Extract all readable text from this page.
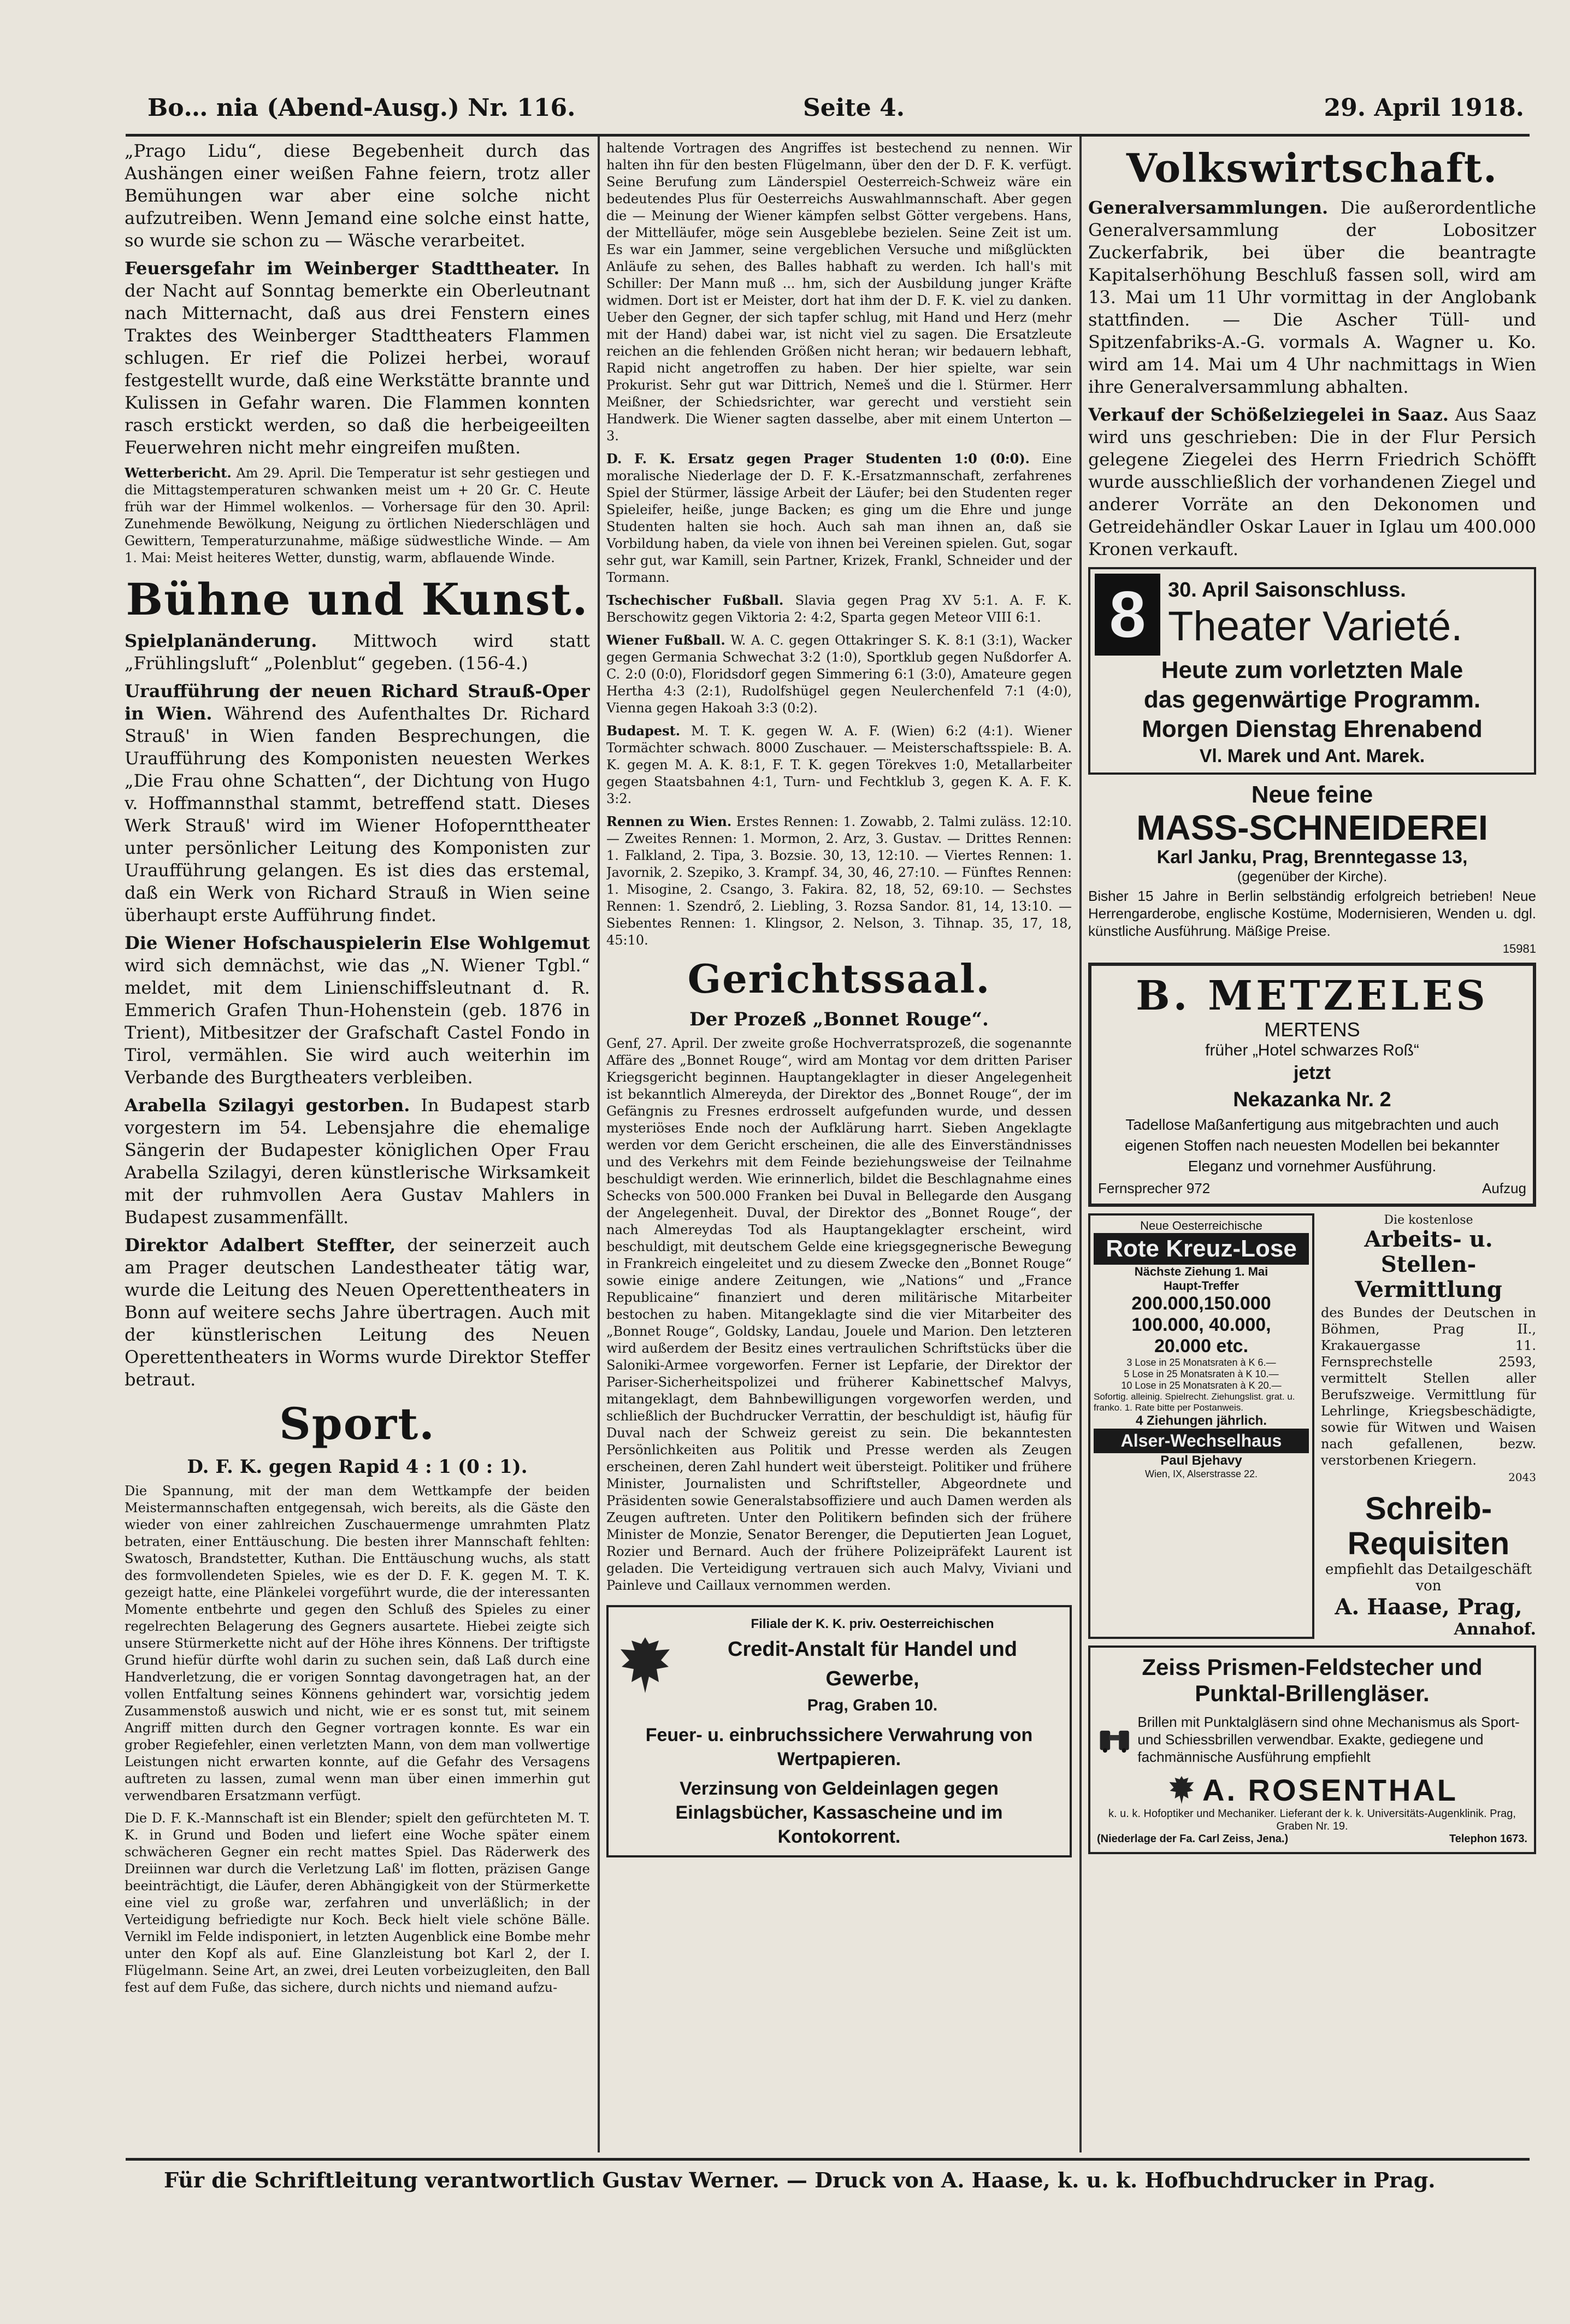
Bo… nia (Abend-Ausg.) Nr. 116.	Seite 4.	29. April 1918.

„Prago Lidu“, diese Begebenheit durch das Aushängen einer weißen Fahne feiern, trotz aller Bemühungen war aber eine solche nicht aufzutreiben. Wenn Jemand eine solche einst hatte, so wurde sie schon zu — Wäsche verarbeitet.

Feuersgefahr im Weinberger Stadttheater. In der Nacht auf Sonntag bemerkte ein Oberleutnant nach Mitternacht, daß aus drei Fenstern eines Traktes des Weinberger Stadttheaters Flammen schlugen. Er rief die Polizei herbei, worauf festgestellt wurde, daß eine Werkstätte brannte und Kulissen in Gefahr waren. Die Flammen konnten rasch erstickt werden, so daß die herbeigeeilten Feuerwehren nicht mehr eingreifen mußten.

Wetterbericht. Am 29. April. Die Temperatur ist sehr gestiegen und die Mittagstemperaturen schwanken meist um + 20 Gr. C. Heute früh war der Himmel wolkenlos. — Vorhersage für den 30. April: Zunehmende Bewölkung, Neigung zu örtlichen Niederschlägen und Gewittern, Temperaturzunahme, mäßige südwestliche Winde. — Am 1. Mai: Meist heiteres Wetter, dunstig, warm, abflauende Winde.

Bühne und Kunst.

Spielplanänderung. Mittwoch wird statt „Frühlingsluft“ „Polenblut“ gegeben. (156-4.)

Uraufführung der neuen Richard Strauß-Oper in Wien. Während des Aufenthaltes Dr. Richard Strauß' in Wien fanden Besprechungen, die Uraufführung des Komponisten neuesten Werkes „Die Frau ohne Schatten“, der Dichtung von Hugo v. Hoffmannsthal stammt, betreffend statt. Dieses Werk Strauß' wird im Wiener Hofopernttheater unter persönlicher Leitung des Komponisten zur Uraufführung gelangen. Es ist dies das erstemal, daß ein Werk von Richard Strauß in Wien seine überhaupt erste Aufführung findet.

Die Wiener Hofschauspielerin Else Wohlgemut wird sich demnächst, wie das „N. Wiener Tgbl.“ meldet, mit dem Linienschiffsleutnant d. R. Emmerich Grafen Thun-Hohenstein (geb. 1876 in Trient), Mitbesitzer der Grafschaft Castel Fondo in Tirol, vermählen. Sie wird auch weiterhin im Verbande des Burgtheaters verbleiben.

Arabella Szilagyi gestorben. In Budapest starb vorgestern im 54. Lebensjahre die ehemalige Sängerin der Budapester königlichen Oper Frau Arabella Szilagyi, deren künstlerische Wirksamkeit mit der ruhmvollen Aera Gustav Mahlers in Budapest zusammenfällt.

Direktor Adalbert Steffter, der seinerzeit auch am Prager deutschen Landestheater tätig war, wurde die Leitung des Neuen Operettentheaters in Bonn auf weitere sechs Jahre übertragen. Auch mit der künstlerischen Leitung des Neuen Operettentheaters in Worms wurde Direktor Steffer betraut.

Sport.
D. F. K. gegen Rapid 4 : 1 (0 : 1).

Die Spannung, mit der man dem Wettkampfe der beiden Meistermannschaften entgegensah, wich bereits, als die Gäste den wieder von einer zahlreichen Zuschauermenge umrahmten Platz betraten, einer Enttäuschung. Die besten ihrer Mannschaft fehlten: Swatosch, Brandstetter, Kuthan. Die Enttäuschung wuchs, als statt des formvollendeten Spieles, wie es der D. F. K. gegen M. T. K. gezeigt hatte, eine Plänkelei vorgeführt wurde, die der interessanten Momente entbehrte und gegen den Schluß des Spieles zu einer regelrechten Belagerung des Gegners ausartete. Hiebei zeigte sich unsere Stürmerkette nicht auf der Höhe ihres Könnens. Der triftigste Grund hiefür dürfte wohl darin zu suchen sein, daß Laß durch eine Handverletzung, die er vorigen Sonntag davongetragen hat, an der vollen Entfaltung seines Könnens gehindert war, vorsichtig jedem Zusammenstoß auswich und nicht, wie er es sonst tut, mit seinem Angriff mitten durch den Gegner vortragen konnte. Es war ein grober Regiefehler, einen verletzten Mann, von dem man vollwertige Leistungen nicht erwarten konnte, auf die Gefahr des Versagens auftreten zu lassen, zumal wenn man über einen immerhin gut verwendbaren Ersatzmann verfügt.

Die D. F. K.-Mannschaft ist ein Blender; spielt den gefürchteten M. T. K. in Grund und Boden und liefert eine Woche später einem schwächeren Gegner ein recht mattes Spiel. Das Räderwerk des Dreiinnen war durch die Verletzung Laß' im flotten, präzisen Gange beeinträchtigt, die Läufer, deren Abhängigkeit von der Stürmerkette eine viel zu große war, zerfahren und unverläßlich; in der Verteidigung befriedigte nur Koch. Beck hielt viele schöne Bälle. Vernikl im Felde indisponiert, in letzten Augenblick eine Bombe mehr unter den Kopf als auf. Eine Glanzleistung bot Karl 2, der I. Flügelmann. Seine Art, an zwei, drei Leuten vorbeizugleiten, den Ball fest auf dem Fuße, das sichere, durch nichts und niemand aufzu-

haltende Vortragen des Angriffes ist bestechend zu nennen. Wir halten ihn für den besten Flügelmann, über den der D. F. K. verfügt. Seine Berufung zum Länderspiel Oesterreich-Schweiz wäre ein bedeutendes Plus für Oesterreichs Auswahlmannschaft. Aber gegen die — Meinung der Wiener kämpfen selbst Götter vergebens. Hans, der Mittelläufer, möge sein Ausgeblebe bezielen. Seine Zeit ist um. Es war ein Jammer, seine vergeblichen Versuche und mißglückten Anläufe zu sehen, des Balles habhaft zu werden. Ich hall's mit Schiller: Der Mann muß ... hm, sich der Ausbildung junger Kräfte widmen. Dort ist er Meister, dort hat ihm der D. F. K. viel zu danken. Ueber den Gegner, der sich tapfer schlug, mit Hand und Herz (mehr mit der Hand) dabei war, ist nicht viel zu sagen. Die Ersatzleute reichen an die fehlenden Größen nicht heran; wir bedauern lebhaft, Rapid nicht angetroffen zu haben. Der hier spielte, war sein Prokurist. Sehr gut war Dittrich, Nemeš und die l. Stürmer. Herr Meißner, der Schiedsrichter, war gerecht und verstieht sein Handwerk. Die Wiener sagten dasselbe, aber mit einem Unterton — 3.

D. F. K. Ersatz gegen Prager Studenten 1:0 (0:0). Eine moralische Niederlage der D. F. K.-Ersatzmannschaft, zerfahrenes Spiel der Stürmer, lässige Arbeit der Läufer; bei den Studenten reger Spieleifer, heiße, junge Backen; es ging um die Ehre und junge Studenten halten sie hoch. Auch sah man ihnen an, daß sie Vorbildung haben, da viele von ihnen bei Vereinen spielen. Gut, sogar sehr gut, war Kamill, sein Partner, Krizek, Frankl, Schneider und der Tormann.

Tschechischer Fußball. Slavia gegen Prag XV 5:1. A. F. K. Berschowitz gegen Viktoria 2: 4:2, Sparta gegen Meteor VIII 6:1.

Wiener Fußball. W. A. C. gegen Ottakringer S. K. 8:1 (3:1), Wacker gegen Germania Schwechat 3:2 (1:0), Sportklub gegen Nußdorfer A. C. 2:0 (0:0), Floridsdorf gegen Simmering 6:1 (3:0), Amateure gegen Hertha 4:3 (2:1), Rudolfshügel gegen Neulerchenfeld 7:1 (4:0), Vienna gegen Hakoah 3:3 (0:2).

Budapest. M. T. K. gegen W. A. F. (Wien) 6:2 (4:1). Wiener Tormächter schwach. 8000 Zuschauer. — Meisterschaftsspiele: B. A. K. gegen M. A. K. 8:1, F. T. K. gegen Törekves 1:0, Metallarbeiter gegen Staatsbahnen 4:1, Turn- und Fechtklub 3, gegen K. A. F. K. 3:2.

Rennen zu Wien. Erstes Rennen: 1. Zowabb, 2. Talmi zuläss. 12:10. — Zweites Rennen: 1. Mormon, 2. Arz, 3. Gustav. — Drittes Rennen: 1. Falkland, 2. Tipa, 3. Bozsie. 30, 13, 12:10. — Viertes Rennen: 1. Javornik, 2. Szepiko, 3. Krampf. 34, 30, 46, 27:10. — Fünftes Rennen: 1. Misogine, 2. Csango, 3. Fakira. 82, 18, 52, 69:10. — Sechstes Rennen: 1. Szendrő, 2. Liebling, 3. Rozsa Sandor. 81, 14, 13:10. — Siebentes Rennen: 1. Klingsor, 2. Nelson, 3. Tihnap. 35, 17, 18, 45:10.

Gerichtssaal.
Der Prozeß „Bonnet Rouge“.

Genf, 27. April. Der zweite große Hochverratsprozeß, die sogenannte Affäre des „Bonnet Rouge“, wird am Montag vor dem dritten Pariser Kriegsgericht beginnen. Hauptangeklagter in dieser Angelegenheit ist bekanntlich Almereyda, der Direktor des „Bonnet Rouge“, der im Gefängnis zu Fresnes erdrosselt aufgefunden wurde, und dessen mysteriöses Ende noch der Aufklärung harrt. Sieben Angeklagte werden vor dem Gericht erscheinen, die alle des Einverständnisses und des Verkehrs mit dem Feinde beziehungsweise der Teilnahme beschuldigt werden. Wie erinnerlich, bildet die Beschlagnahme eines Schecks von 500.000 Franken bei Duval in Bellegarde den Ausgang der Angelegenheit. Duval, der Direktor des „Bonnet Rouge“, der nach Almereydas Tod als Hauptangeklagter erscheint, wird beschuldigt, mit deutschem Gelde eine kriegsgegnerische Bewegung in Frankreich eingeleitet und zu diesem Zwecke den „Bonnet Rouge“ sowie einige andere Zeitungen, wie „Nations“ und „France Republicaine“ finanziert und deren militärische Mitarbeiter bestochen zu haben. Mitangeklagte sind die vier Mitarbeiter des „Bonnet Rouge“, Goldsky, Landau, Jouele und Marion. Den letzteren wird außerdem der Besitz eines vertraulichen Schriftstücks über die Saloniki-Armee vorgeworfen. Ferner ist Lepfarie, der Direktor der Pariser-Sicherheitspolizei und früherer Kabinettschef Malvys, mitangeklagt, dem Bahnbewilligungen vorgeworfen werden, und schließlich der Buchdrucker Verrattin, der beschuldigt ist, häufig für Duval nach der Schweiz gereist zu sein. Die bekanntesten Persönlichkeiten aus Politik und Presse werden als Zeugen erscheinen, deren Zahl hundert weit übersteigt. Politiker und frühere Minister, Journalisten und Schriftsteller, Abgeordnete und Präsidenten sowie Generalstabsoffiziere und auch Damen werden als Zeugen auftreten. Unter den Politikern befinden sich der frühere Minister de Monzie, Senator Berenger, die Deputierten Jean Loguet, Rozier und Bernard. Auch der frühere Polizeipräfekt Laurent ist geladen. Die Verteidigung vertrauen sich auch Malvy, Viviani und Painleve und Caillaux vernommen werden.

Filiale der K. K. priv. Oesterreichischen
Credit-Anstalt für Handel und Gewerbe,
Prag, Graben 10.
Feuer- u. einbruchssichere Verwahrung von Wertpapieren.
Verzinsung von Geldeinlagen gegen Einlagsbücher, Kassascheine und im Kontokorrent.
Volkswirtschaft.

Generalversammlungen. Die außerordentliche Generalversammlung der Lobositzer Zuckerfabrik, bei über die beantragte Kapitalserhöhung Beschluß fassen soll, wird am 13. Mai um 11 Uhr vormittag in der Anglobank stattfinden. — Die Ascher Tüll- und Spitzenfabriks-A.-G. vormals A. Wagner u. Ko. wird am 14. Mai um 4 Uhr nachmittags in Wien ihre Generalversammlung abhalten.

Verkauf der Schößelziegelei in Saaz. Aus Saaz wird uns geschrieben: Die in der Flur Persich gelegene Ziegelei des Herrn Friedrich Schöfft wurde ausschließlich der vorhandenen Ziegel und anderer Vorräte an den Dekonomen und Getreidehändler Oskar Lauer in Iglau um 400.000 Kronen verkauft.

8	30. April Saisonschluss.
Theater Varieté.
Heute zum vorletzten Male
das gegenwärtige Programm.
Morgen Dienstag Ehrenabend
Vl. Marek und Ant. Marek.
Neue feine
MASS-SCHNEIDEREI
Karl Janku, Prag, Brenntegasse 13,
(gegenüber der Kirche).

Bisher 15 Jahre in Berlin selbständig erfolgreich betrieben! Neue Herrengarderobe, englische Kostüme, Modernisieren, Wenden u. dgl. künstliche Ausführung. Mäßige Preise.

15981
B. METZELES
MERTENS
früher „Hotel schwarzes Roß“
jetzt
Nekazanka Nr. 2
Tadellose Maßanfertigung aus mitgebrachten und auch eigenen Stoffen nach neuesten Modellen bei bekannter Eleganz und vornehmer Ausführung.
Fernsprecher 972	Aufzug
Neue Oesterreichische
Rote Kreuz-Lose
Nächste Ziehung 1. Mai
Haupt-Treffer
200.000,150.000
100.000, 40.000,
20.000 etc.
3 Lose in 25 Monatsraten à K 6.—
5 Lose in 25 Monatsraten à K 10.—
10 Lose in 25 Monatsraten à K 20.—
Sofortig. alleinig. Spielrecht. Ziehungslist. grat. u. franko. 1. Rate bitte per Postanweis.
4 Ziehungen jährlich.
Alser-Wechselhaus
Paul Bjehavy
Wien, IX, Alserstrasse 22.
Die kostenlose
Arbeits- u. Stellen-Vermittlung

des Bundes der Deutschen in Böhmen, Prag II., Krakauergasse 11. Fernsprechstelle 2593, vermittelt Stellen aller Berufszweige. Vermittlung für Lehrlinge, Kriegsbeschädigte, sowie für Witwen und Waisen nach gefallenen, bezw. verstorbenen Kriegern.

2043
Schreib-Requisiten
empfiehlt das Detailgeschäft von
A. Haase, Prag,
Annahof.
Zeiss Prismen-Feldstecher und Punktal-Brillengläser.
Brillen mit Punktalgläsern sind ohne Mechanismus als Sport- und Schiessbrillen verwendbar. Exakte, gediegene und fachmännische Ausführung empfiehlt
A. ROSENTHAL
k. u. k. Hofoptiker und Mechaniker. Lieferant der k. k. Universitäts-Augenklinik. Prag, Graben Nr. 19.
(Niederlage der Fa. Carl Zeiss, Jena.)	Telephon 1673.
Für die Schriftleitung verantwortlich Gustav Werner. — Druck von A. Haase, k. u. k. Hofbuchdrucker in Prag.
